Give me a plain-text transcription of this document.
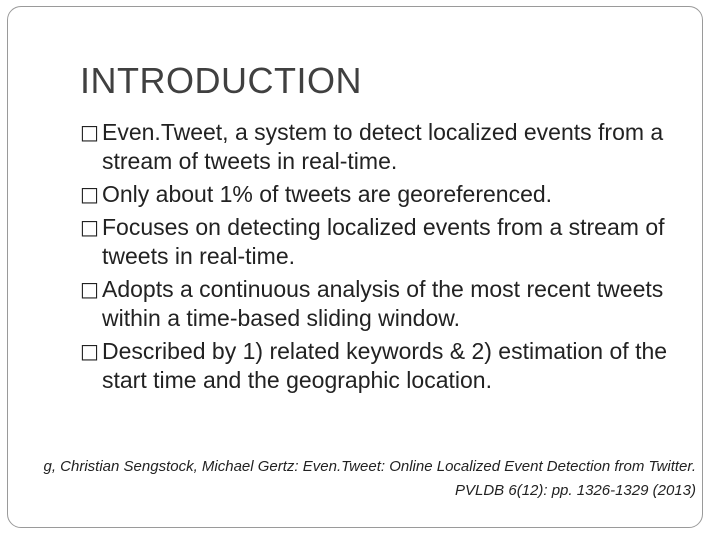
INTRODUCTION
□ Even.Tweet, a system to detect localized events from a stream of tweets in real-time.
□ Only about 1% of tweets are georeferenced.
□ Focuses on detecting localized events from a stream of tweets in real-time.
□ Adopts a continuous analysis of the most recent tweets within a time-based sliding window.
□ Described by 1) related keywords & 2) estimation of the start time and the geographic location.
g, Christian Sengstock, Michael Gertz: Even.Tweet: Online Localized Event Detection from Twitter.
PVLDB 6(12): pp. 1326-1329 (2013)
